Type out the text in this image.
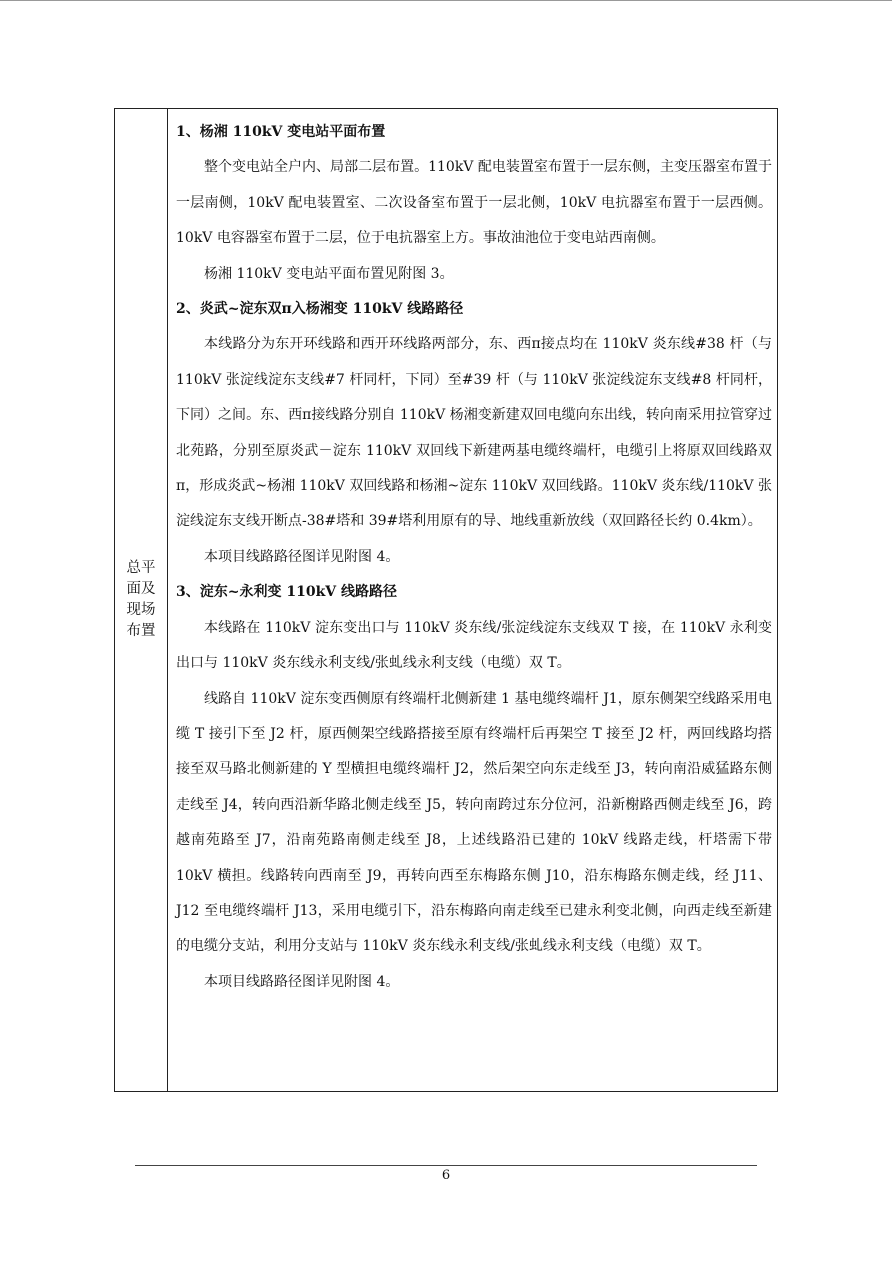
总平面及现场布置

1、杨湘 110kV 变电站平面布置

整个变电站全户内、局部二层布置。110kV 配电装置室布置于一层东侧，主变压器室布置于一层南侧，10kV 配电装置室、二次设备室布置于一层北侧，10kV 电抗器室布置于一层西侧。10kV 电容器室布置于二层，位于电抗器室上方。事故油池位于变电站西南侧。

杨湘 110kV 变电站平面布置见附图 3。

2、炎武~淀东双π入杨湘变 110kV 线路路径

本线路分为东开环线路和西开环线路两部分，东、西π接点均在 110kV 炎东线#38 杆（与 110kV 张淀线淀东支线#7 杆同杆，下同）至#39 杆（与 110kV 张淀线淀东支线#8 杆同杆，下同）之间。东、西π接线路分别自 110kV 杨湘变新建双回电缆向东出线，转向南采用拉管穿过北苑路，分别至原炎武－淀东 110kV 双回线下新建两基电缆终端杆，电缆引上将原双回线路双π，形成炎武~杨湘 110kV 双回线路和杨湘~淀东 110kV 双回线路。110kV 炎东线/110kV 张淀线淀东支线开断点-38#塔和 39#塔利用原有的导、地线重新放线（双回路径长约 0.4km）。

本项目线路路径图详见附图 4。

3、淀东~永利变 110kV 线路路径

本线路在 110kV 淀东变出口与 110kV 炎东线/张淀线淀东支线双 T 接，在 110kV 永利变出口与 110kV 炎东线永利支线/张虬线永利支线（电缆）双 T。

线路自 110kV 淀东变西侧原有终端杆北侧新建 1 基电缆终端杆 J1，原东侧架空线路采用电缆 T 接引下至 J2 杆，原西侧架空线路搭接至原有终端杆后再架空 T 接至 J2 杆，两回线路均搭接至双马路北侧新建的 Y 型横担电缆终端杆 J2，然后架空向东走线至 J3，转向南沿威猛路东侧走线至 J4，转向西沿新华路北侧走线至 J5，转向南跨过东分位河，沿新榭路西侧走线至 J6，跨越南苑路至 J7，沿南苑路南侧走线至 J8，上述线路沿已建的 10kV 线路走线，杆塔需下带 10kV 横担。线路转向西南至 J9，再转向西至东梅路东侧 J10，沿东梅路东侧走线，经 J11、J12 至电缆终端杆 J13，采用电缆引下，沿东梅路向南走线至已建永利变北侧，向西走线至新建的电缆分支站，利用分支站与 110kV 炎东线永利支线/张虬线永利支线（电缆）双 T。

本项目线路路径图详见附图 4。

6
